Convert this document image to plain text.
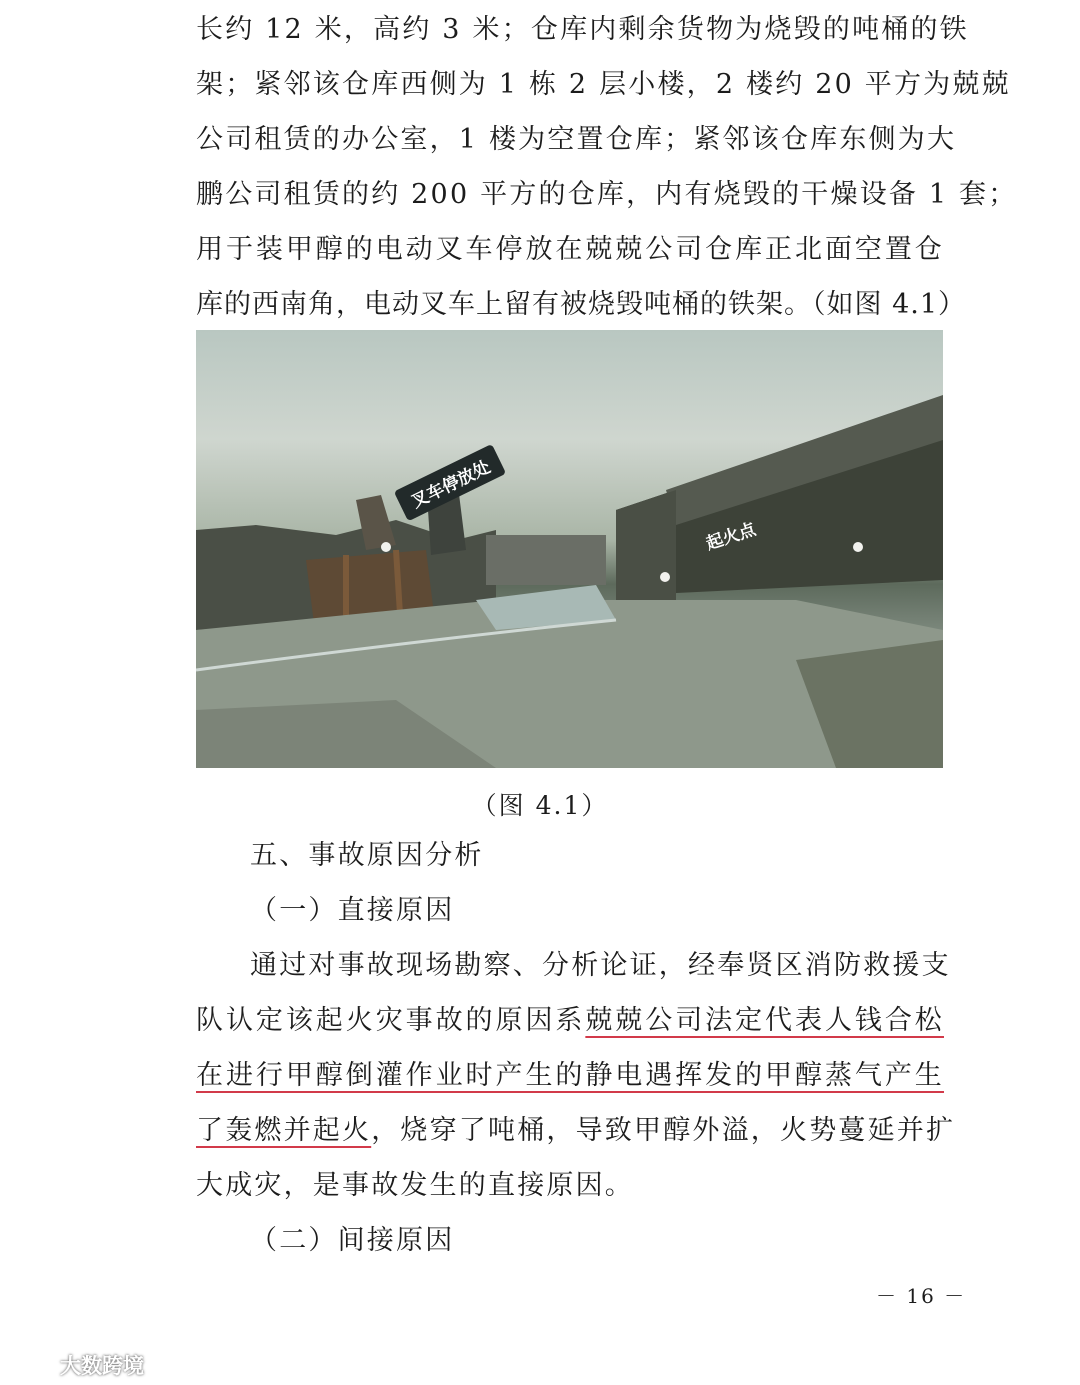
长约 12 米，高约 3 米；仓库内剩余货物为烧毁的吨桶的铁
架；紧邻该仓库西侧为 1 栋 2 层小楼，2 楼约 20 平方为兢兢
公司租赁的办公室，1 楼为空置仓库；紧邻该仓库东侧为大
鹏公司租赁的约 200 平方的仓库，内有烧毁的干燥设备 1 套；
用于装甲醇的电动叉车停放在兢兢公司仓库正北面空置仓
库的西南角，电动叉车上留有被烧毁吨桶的铁架。（如图 4.1）
叉车停放处
起火点
（图 4.1）
五、事故原因分析
（一）直接原因
通过对事故现场勘察、分析论证，经奉贤区消防救援支
队认定该起火灾事故的原因系兢兢公司法定代表人钱合松
在进行甲醇倒灌作业时产生的静电遇挥发的甲醇蒸气产生
了轰燃并起火，烧穿了吨桶，导致甲醇外溢，火势蔓延并扩
大成灾，是事故发生的直接原因。
（二）间接原因
－ 16 －
大数跨境
